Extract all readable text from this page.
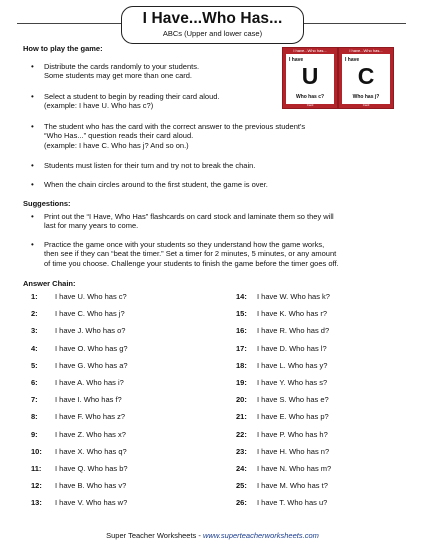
I Have...Who Has...
ABCs (Upper and lower case)
How to play the game:
• Distribute the cards randomly to your students.
Some students may get more than one card.
• Select a student to begin by reading their card aloud.
(example: I have U. Who has c?)
• The student who has the card with the correct answer to the previous student's
“Who Has...” question reads their card aloud.
(example: I have C. Who has j? And so on.)
• Students must listen for their turn and try not to break the chain.
• When the chain circles around to the first student, the game is over.
I have...Who has...
I have
U
Who has c?
Card
I have...Who has...
I have
C
Who has j?
Card
Suggestions:
• Print out the “I Have, Who Has” flashcards on card stock and laminate them so they will
last for many years to come.
• Practice the game once with your students so they understand how the game works,
then see if they can “beat the timer.” Set a timer for 2 minutes, 5 minutes, or any amount
of time you choose. Challenge your students to finish the game before the timer goes off.
Answer Chain:
1: I have U. Who has c?
2: I have C. Who has j?
3: I have J. Who has o?
4: I have O. Who has g?
5: I have G. Who has a?
6: I have A. Who has i?
7: I have I. Who has f?
8: I have F. Who has z?
9: I have Z. Who has x?
10: I have X. Who has q?
11: I have Q. Who has b?
12: I have B. Who has v?
13: I have V. Who has w?
14: I have W. Who has k?
15: I have K. Who has r?
16: I have R. Who has d?
17: I have D. Who has l?
18: I have L. Who has y?
19: I have Y. Who has s?
20: I have S. Who has e?
21: I have E. Who has p?
22: I have P. Who has h?
23: I have H. Who has n?
24: I have N. Who has m?
25: I have M. Who has t?
26: I have T. Who has u?
Super Teacher Worksheets - www.superteacherworksheets.com
